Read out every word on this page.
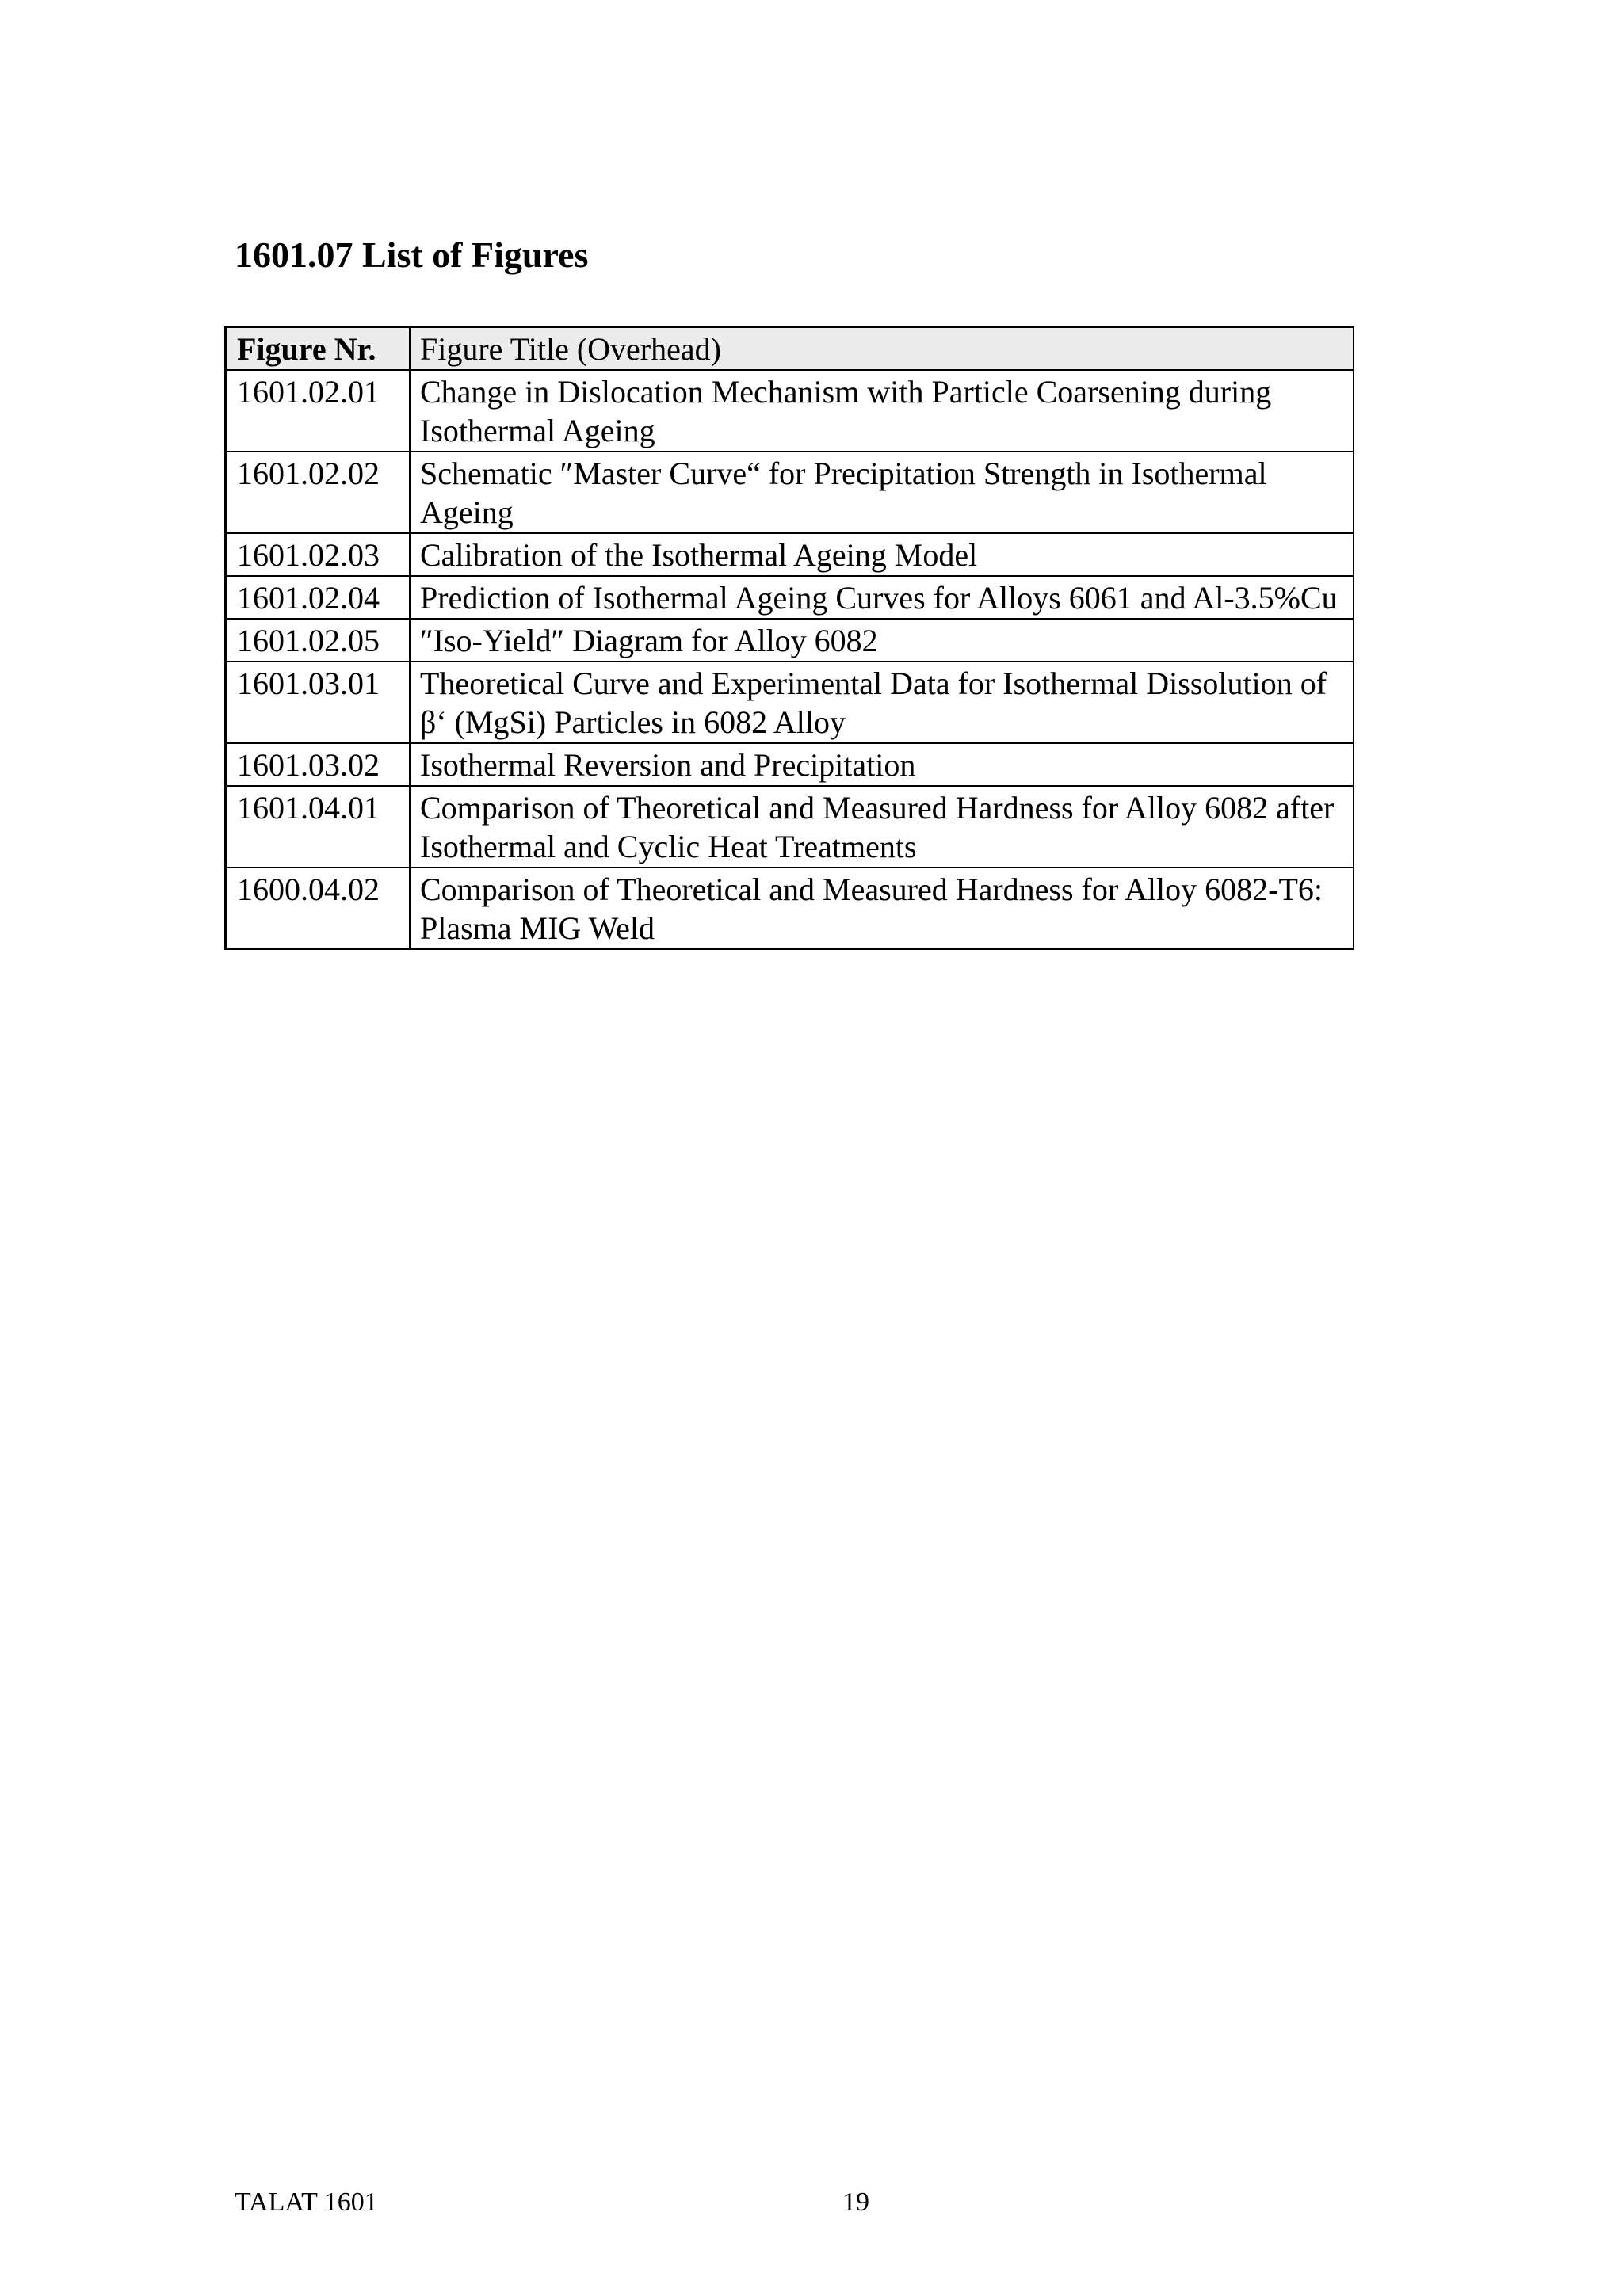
1601.07 List of Figures
Figure Nr.	Figure Title (Overhead)
1601.02.01	Change in Dislocation Mechanism with Particle Coarsening during Isothermal Ageing
1601.02.02	Schematic ″Master Curve“ for Precipitation Strength in Isothermal Ageing
1601.02.03	Calibration of the Isothermal Ageing Model
1601.02.04	Prediction of Isothermal Ageing Curves for Alloys 6061 and Al-3.5%Cu
1601.02.05	″Iso-Yield″ Diagram for Alloy 6082
1601.03.01	Theoretical Curve and Experimental Data for Isothermal Dissolution of β‘ (MgSi) Particles in 6082 Alloy
1601.03.02	Isothermal Reversion and Precipitation
1601.04.01	Comparison of Theoretical and Measured Hardness for Alloy 6082 after Isothermal and Cyclic Heat Treatments
1600.04.02	Comparison of Theoretical and Measured Hardness for Alloy 6082-T6: Plasma MIG Weld
TALAT 1601	19
